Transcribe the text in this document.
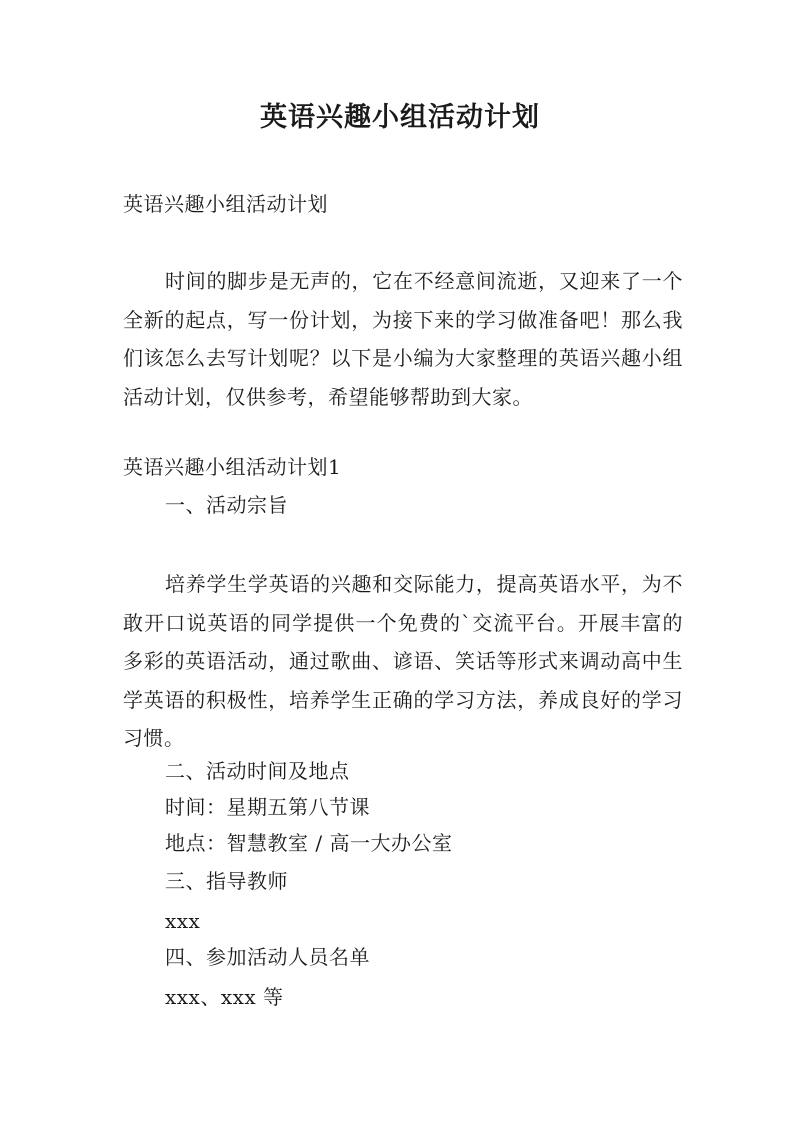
英语兴趣小组活动计划
英语兴趣小组活动计划
时间的脚步是无声的，它在不经意间流逝，又迎来了一个全新的起点，写一份计划，为接下来的学习做准备吧！那么我们该怎么去写计划呢？以下是小编为大家整理的英语兴趣小组活动计划，仅供参考，希望能够帮助到大家。
英语兴趣小组活动计划1
一、活动宗旨
培养学生学英语的兴趣和交际能力，提高英语水平，为不敢开口说英语的同学提供一个免费的`交流平台。开展丰富的多彩的英语活动，通过歌曲、谚语、笑话等形式来调动高中生学英语的积极性，培养学生正确的学习方法，养成良好的学习习惯。
二、活动时间及地点
时间：星期五第八节课
地点：智慧教室 / 高一大办公室
三、指导教师
xxx
四、参加活动人员名单
xxx、xxx 等
